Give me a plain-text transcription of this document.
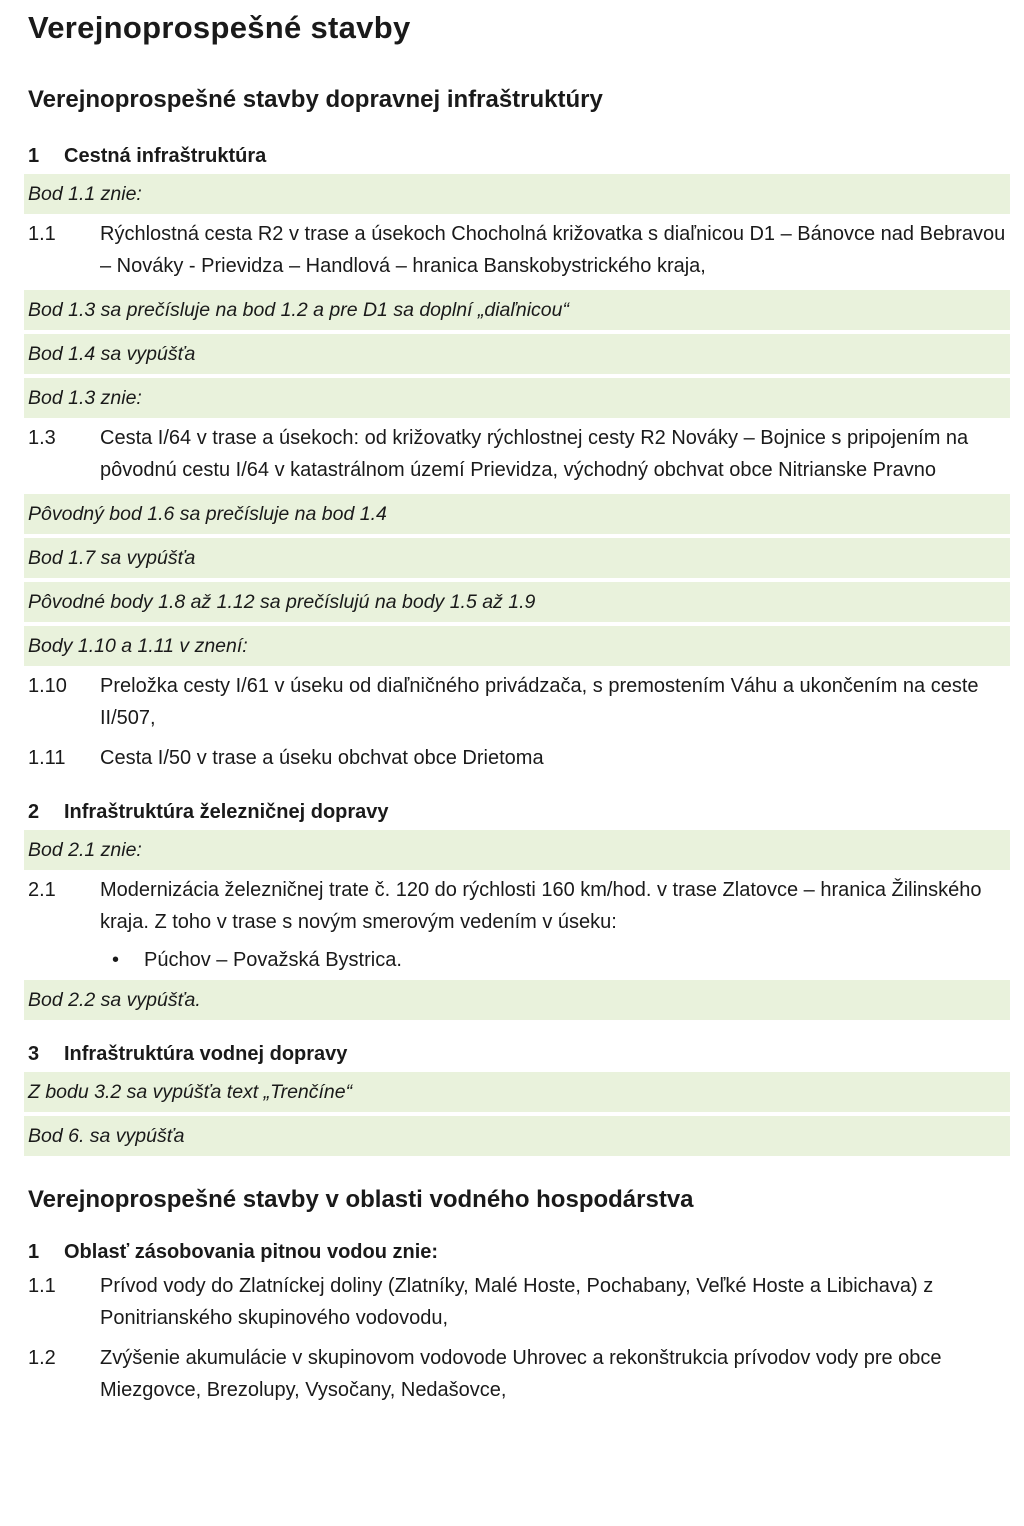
Verejnoprospešné stavby
Verejnoprospešné stavby dopravnej infraštruktúry
1	Cestná infraštruktúra
Bod 1.1 znie:
1.1	Rýchlostná cesta R2 v trase a úsekoch Chocholná križovatka s diaľnicou D1 – Bánovce nad Bebravou – Nováky - Prievidza – Handlová – hranica Banskobystrického kraja,
Bod 1.3 sa prečísluje na bod 1.2 a pre D1 sa doplní „diaľnicou“
Bod 1.4 sa vypúšťa
Bod 1.3 znie:
1.3	Cesta I/64 v trase a úsekoch: od križovatky rýchlostnej cesty R2 Nováky – Bojnice s pripojením na pôvodnú cestu I/64 v katastrálnom území Prievidza, východný obchvat obce Nitrianske Pravno
Pôvodný bod 1.6 sa prečísluje na bod 1.4
Bod 1.7 sa vypúšťa
Pôvodné body 1.8 až 1.12 sa prečíslujú na body 1.5 až 1.9
Body 1.10 a 1.11 v znení:
1.10	Preložka cesty I/61 v úseku od diaľničného privádzača, s premostením Váhu a ukončením na ceste II/507,
1.11	Cesta I/50 v trase a úseku obchvat obce Drietoma
2	Infraštruktúra železničnej dopravy
Bod 2.1 znie:
2.1	Modernizácia železničnej trate č. 120 do rýchlosti 160 km/hod. v trase Zlatovce – hranica Žilinského kraja. Z toho v trase s novým smerovým vedením v úseku:
•	Púchov – Považská Bystrica.
Bod 2.2 sa vypúšťa.
3	Infraštruktúra vodnej dopravy
Z bodu 3.2 sa vypúšťa text „Trenčíne“
Bod 6. sa vypúšťa
Verejnoprospešné stavby v oblasti vodného hospodárstva
1	Oblasť zásobovania pitnou vodou znie:
1.1	Prívod vody do Zlatníckej doliny (Zlatníky, Malé Hoste, Pochabany, Veľké Hoste a Libichava) z Ponitrianského skupinového vodovodu,
1.2	Zvýšenie akumulácie v skupinovom vodovode Uhrovec a rekonštrukcia prívodov vody pre obce Miezgovce, Brezolupy, Vysočany, Nedašovce,
